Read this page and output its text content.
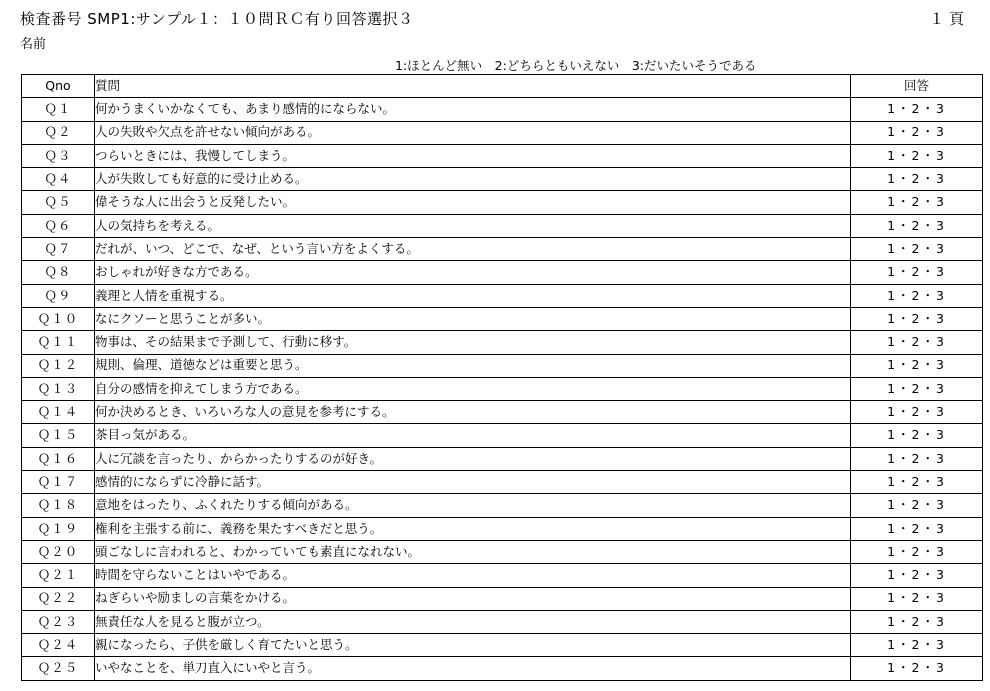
検査番号 SMP1:サンプル１：１０問ＲＣ有り回答選択３	１ 頁
名前
1:ほとんど無い　2:どちらともいえない　3:だいたいそうである
Qno	質問	回答
Ｑ１	何かうまくいかなくても、あまり感情的にならない。	1・2・3
Ｑ２	人の失敗や欠点を許せない傾向がある。	1・2・3
Ｑ３	つらいときには、我慢してしまう。	1・2・3
Ｑ４	人が失敗しても好意的に受け止める。	1・2・3
Ｑ５	偉そうな人に出会うと反発したい。	1・2・3
Ｑ６	人の気持ちを考える。	1・2・3
Ｑ７	だれが、いつ、どこで、なぜ、という言い方をよくする。	1・2・3
Ｑ８	おしゃれが好きな方である。	1・2・3
Ｑ９	義理と人情を重視する。	1・2・3
Ｑ１０	なにクソーと思うことが多い。	1・2・3
Ｑ１１	物事は、その結果まで予測して、行動に移す。	1・2・3
Ｑ１２	規則、倫理、道徳などは重要と思う。	1・2・3
Ｑ１３	自分の感情を抑えてしまう方である。	1・2・3
Ｑ１４	何か決めるとき、いろいろな人の意見を参考にする。	1・2・3
Ｑ１５	茶目っ気がある。	1・2・3
Ｑ１６	人に冗談を言ったり、からかったりするのが好き。	1・2・3
Ｑ１７	感情的にならずに冷静に話す。	1・2・3
Ｑ１８	意地をはったり、ふくれたりする傾向がある。	1・2・3
Ｑ１９	権利を主張する前に、義務を果たすべきだと思う。	1・2・3
Ｑ２０	頭ごなしに言われると、わかっていても素直になれない。	1・2・3
Ｑ２１	時間を守らないことはいやである。	1・2・3
Ｑ２２	ねぎらいや励ましの言葉をかける。	1・2・3
Ｑ２３	無責任な人を見ると腹が立つ。	1・2・3
Ｑ２４	親になったら、子供を厳しく育てたいと思う。	1・2・3
Ｑ２５	いやなことを、単刀直入にいやと言う。	1・2・3
